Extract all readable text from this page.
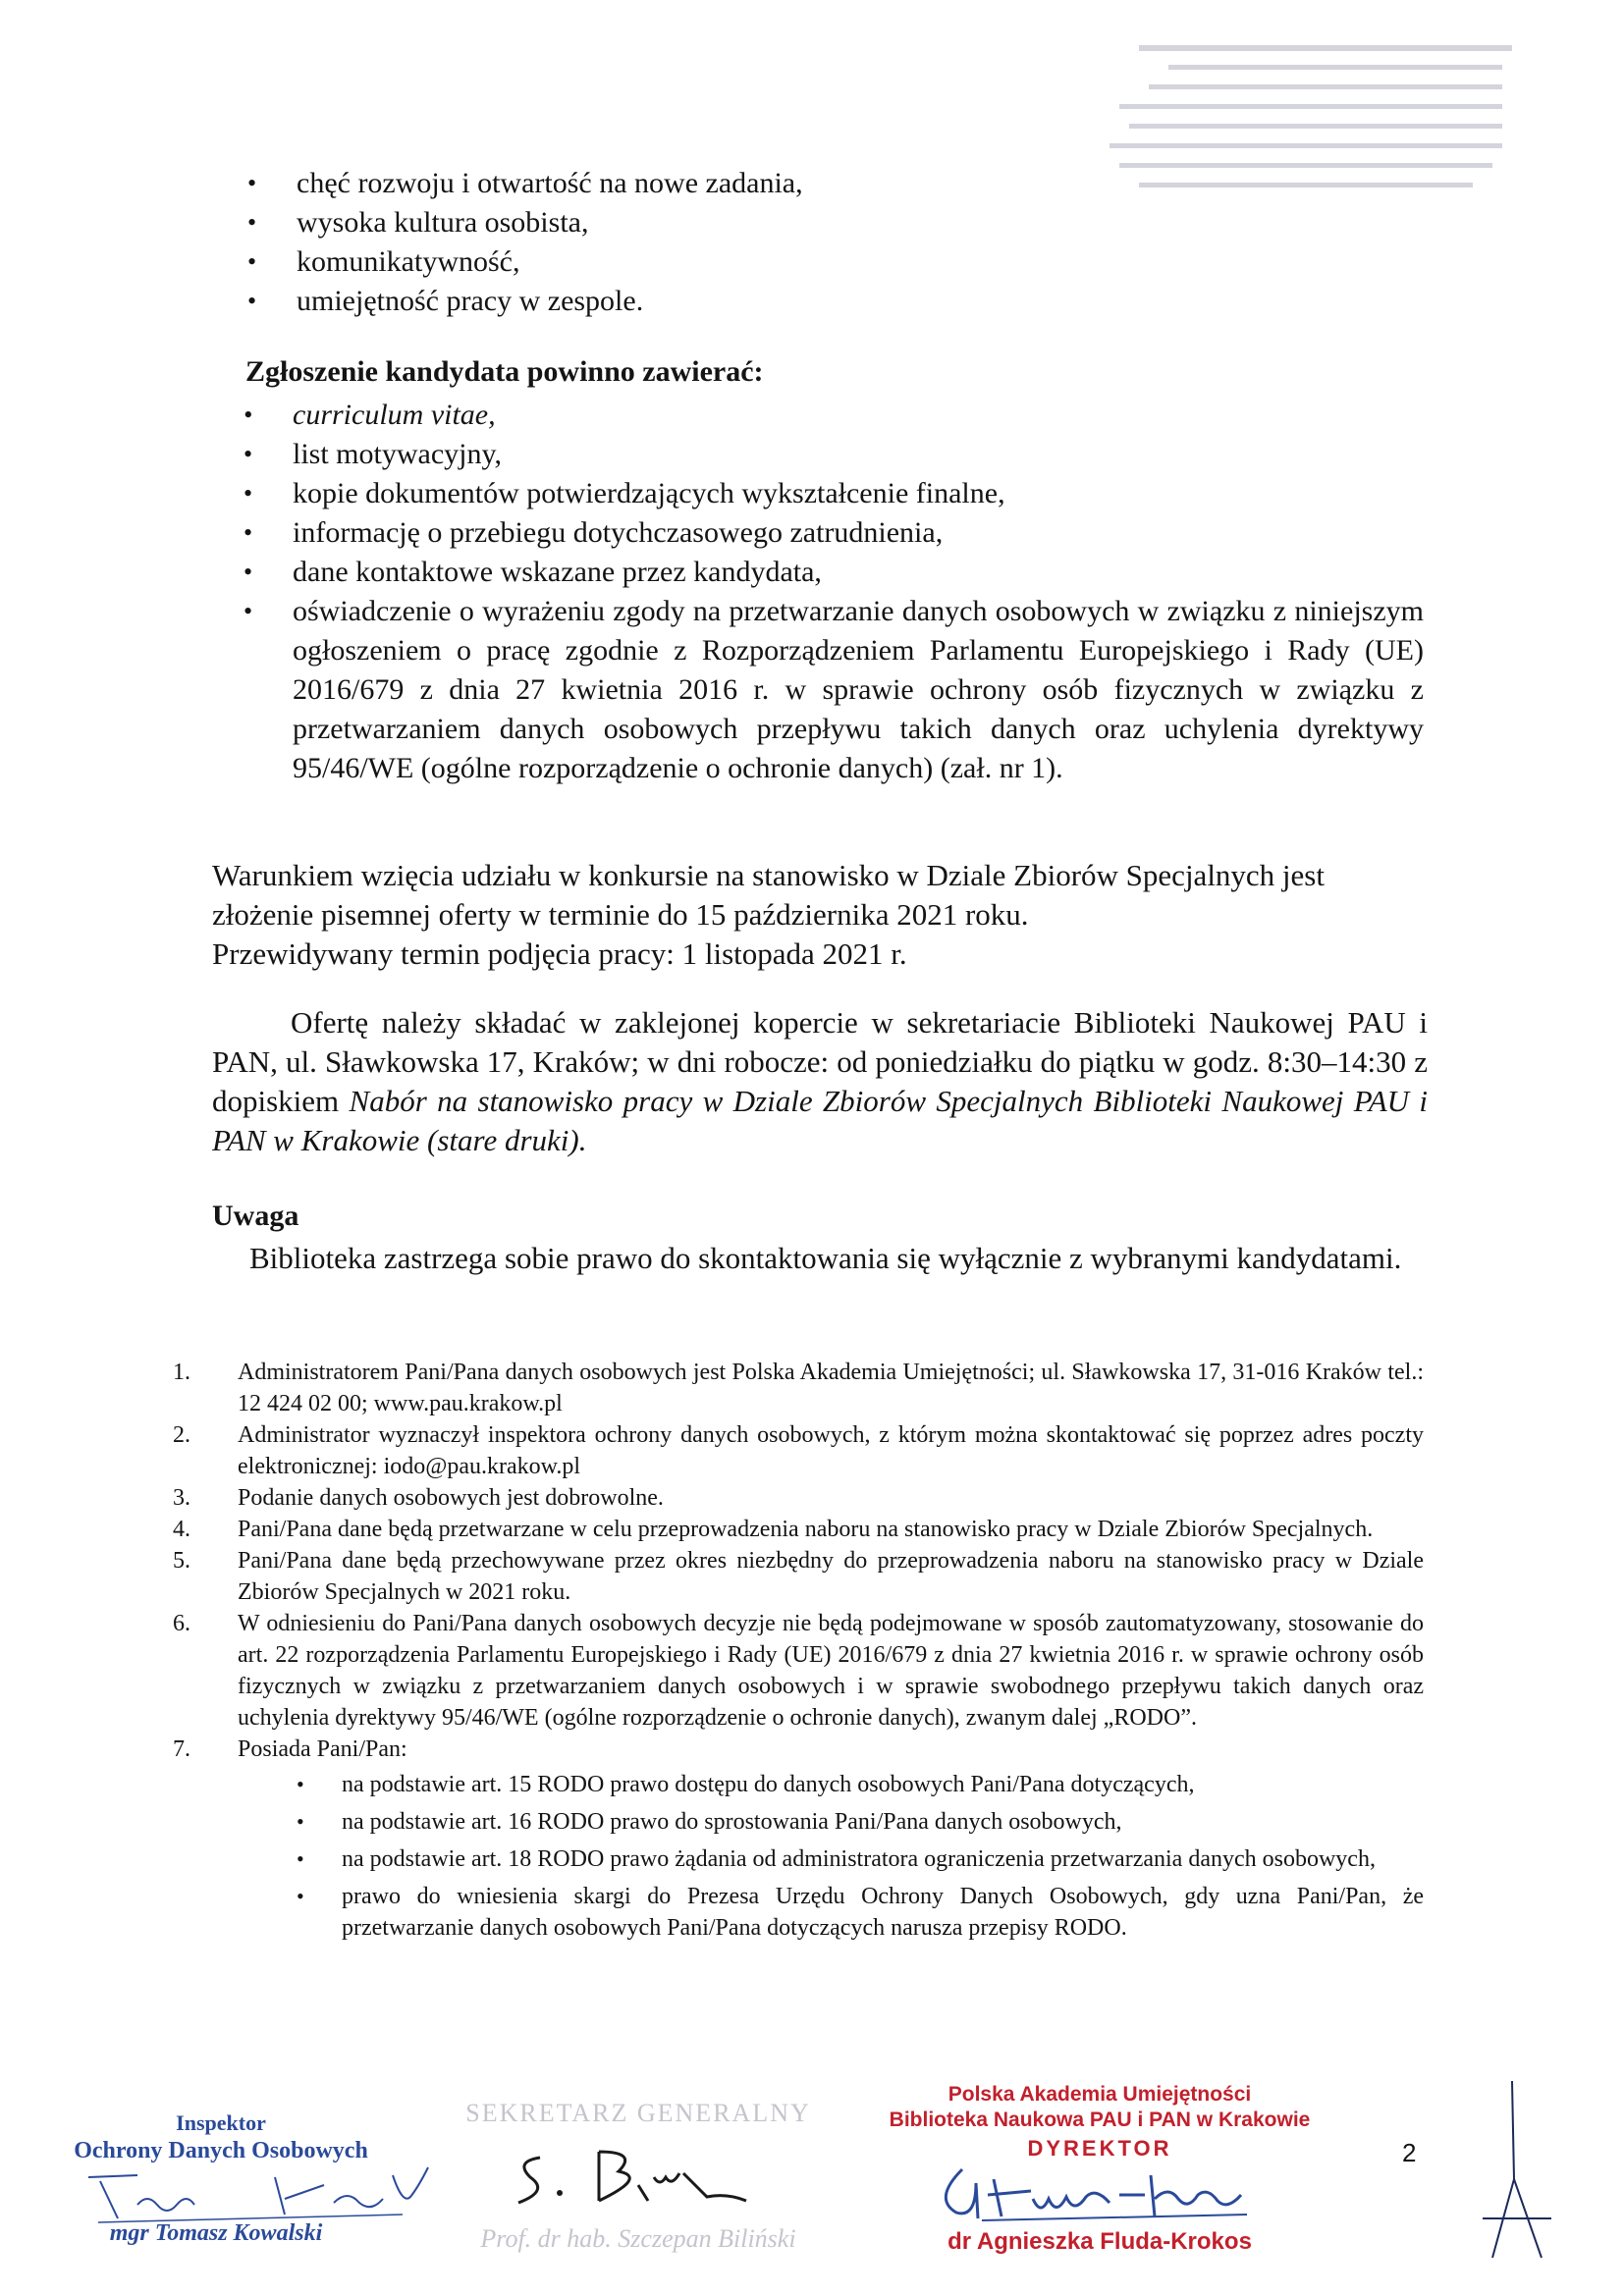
• chęć rozwoju i otwartość na nowe zadania,
• wysoka kultura osobista,
• komunikatywność,
• umiejętność pracy w zespole.
Zgłoszenie kandydata powinno zawierać:
• curriculum vitae,
• list motywacyjny,
• kopie dokumentów potwierdzających wykształcenie finalne,
• informację o przebiegu dotychczasowego zatrudnienia,
• dane kontaktowe wskazane przez kandydata,
• oświadczenie o wyrażeniu zgody na przetwarzanie danych osobowych w związku z niniejszym ogłoszeniem o pracę zgodnie z Rozporządzeniem Parlamentu Europejskiego i Rady (UE) 2016/679 z dnia 27 kwietnia 2016 r. w sprawie ochrony osób fizycznych w związku z przetwarzaniem danych osobowych przepływu takich danych oraz uchylenia dyrektywy 95/46/WE (ogólne rozporządzenie o ochronie danych) (zał. nr 1).
Warunkiem wzięcia udziału w konkursie na stanowisko w Dziale Zbiorów Specjalnych jest złożenie pisemnej oferty w terminie do 15 października 2021 roku.
Przewidywany termin podjęcia pracy: 1 listopada 2021 r.
Ofertę należy składać w zaklejonej kopercie w sekretariacie Biblioteki Naukowej PAU i PAN, ul. Sławkowska 17, Kraków; w dni robocze: od poniedziałku do piątku w godz. 8:30–14:30 z dopiskiem Nabór na stanowisko pracy w Dziale Zbiorów Specjalnych Biblioteki Naukowej PAU i PAN w Krakowie (stare druki).
Uwaga
Biblioteka zastrzega sobie prawo do skontaktowania się wyłącznie z wybranymi kandydatami.
1.	Administratorem Pani/Pana danych osobowych jest Polska Akademia Umiejętności; ul. Sławkowska 17, 31-016 Kraków tel.: 12 424 02 00; www.pau.krakow.pl
2.	Administrator wyznaczył inspektora ochrony danych osobowych, z którym można skontaktować się poprzez adres poczty elektronicznej: iodo@pau.krakow.pl
3.	Podanie danych osobowych jest dobrowolne.
4.	Pani/Pana dane będą przetwarzane w celu przeprowadzenia naboru na stanowisko pracy w Dziale Zbiorów Specjalnych.
5.	Pani/Pana dane będą przechowywane przez okres niezbędny do przeprowadzenia naboru na stanowisko pracy w Dziale Zbiorów Specjalnych w 2021 roku.
6.	W odniesieniu do Pani/Pana danych osobowych decyzje nie będą podejmowane w sposób zautomatyzowany, stosowanie do art. 22 rozporządzenia Parlamentu Europejskiego i Rady (UE) 2016/679 z dnia 27 kwietnia 2016 r. w sprawie ochrony osób fizycznych w związku z przetwarzaniem danych osobowych i w sprawie swobodnego przepływu takich danych oraz uchylenia dyrektywy 95/46/WE (ogólne rozporządzenie o ochronie danych), zwanym dalej „RODO”.
7.	Posiada Pani/Pan:
• na podstawie art. 15 RODO prawo dostępu do danych osobowych Pani/Pana dotyczących,
• na podstawie art. 16 RODO prawo do sprostowania Pani/Pana danych osobowych,
• na podstawie art. 18 RODO prawo żądania od administratora ograniczenia przetwarzania danych osobowych,
• prawo do wniesienia skargi do Prezesa Urzędu Ochrony Danych Osobowych, gdy uzna Pani/Pan, że przetwarzanie danych osobowych Pani/Pana dotyczących narusza przepisy RODO.
Inspektor
Ochrony Danych Osobowych
mgr Tomasz Kowalski
SEKRETARZ GENERALNY
Prof. dr hab. Szczepan Biliński
Polska Akademia Umiejętności
Biblioteka Naukowa PAU i PAN w Krakowie
DYREKTOR
dr Agnieszka Fluda-Krokos
2
